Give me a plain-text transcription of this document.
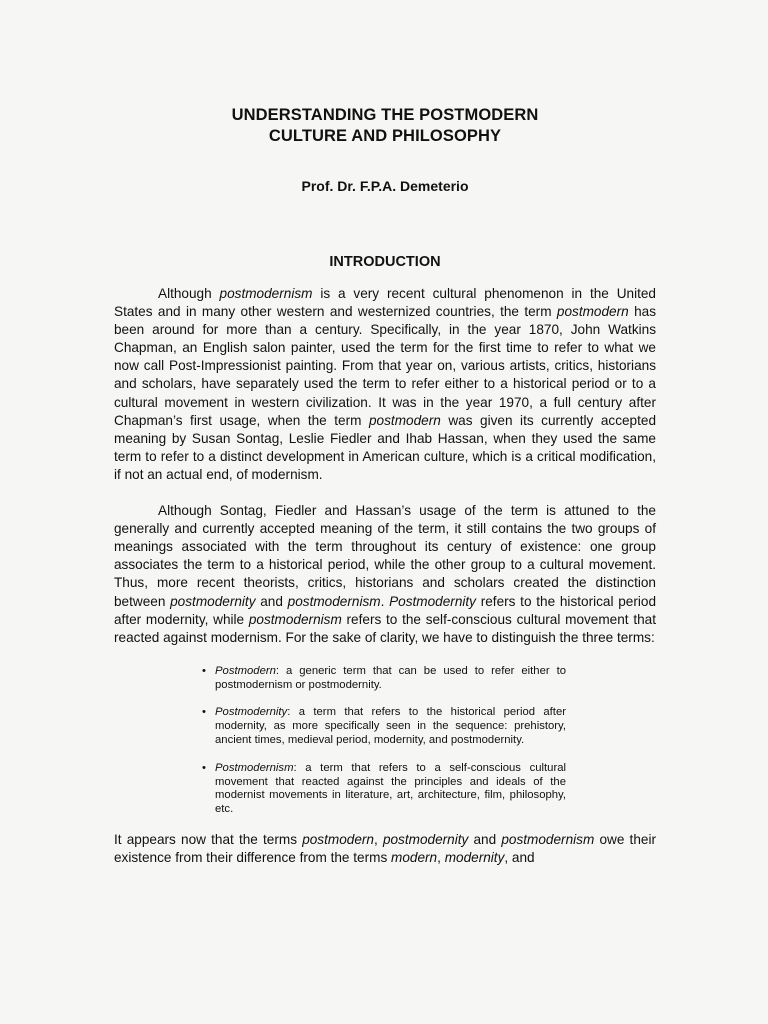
UNDERSTANDING THE POSTMODERN
CULTURE AND PHILOSOPHY

Prof. Dr. F.P.A. Demeterio

INTRODUCTION

Although postmodernism is a very recent cultural phenomenon in the United States and in many other western and westernized countries, the term postmodern has been around for more than a century. Specifically, in the year 1870, John Watkins Chapman, an English salon painter, used the term for the first time to refer to what we now call Post-Impressionist painting. From that year on, various artists, critics, historians and scholars, have separately used the term to refer either to a historical period or to a cultural movement in western civilization. It was in the year 1970, a full century after Chapman’s first usage, when the term postmodern was given its currently accepted meaning by Susan Sontag, Leslie Fiedler and Ihab Hassan, when they used the same term to refer to a distinct development in American culture, which is a critical modification, if not an actual end, of modernism.

Although Sontag, Fiedler and Hassan’s usage of the term is attuned to the generally and currently accepted meaning of the term, it still contains the two groups of meanings associated with the term throughout its century of existence: one group associates the term to a historical period, while the other group to a cultural movement. Thus, more recent theorists, critics, historians and scholars created the distinction between postmodernity and postmodernism. Postmodernity refers to the historical period after modernity, while postmodernism refers to the self-conscious cultural movement that reacted against modernism. For the sake of clarity, we have to distinguish the three terms:

• Postmodern: a generic term that can be used to refer either to postmodernism or postmodernity.
• Postmodernity: a term that refers to the historical period after modernity, as more specifically seen in the sequence: prehistory, ancient times, medieval period, modernity, and postmodernity.
• Postmodernism: a term that refers to a self-conscious cultural movement that reacted against the principles and ideals of the modernist movements in literature, art, architecture, film, philosophy, etc.

It appears now that the terms postmodern, postmodernity and postmodernism owe their existence from their difference from the terms modern, modernity, and
